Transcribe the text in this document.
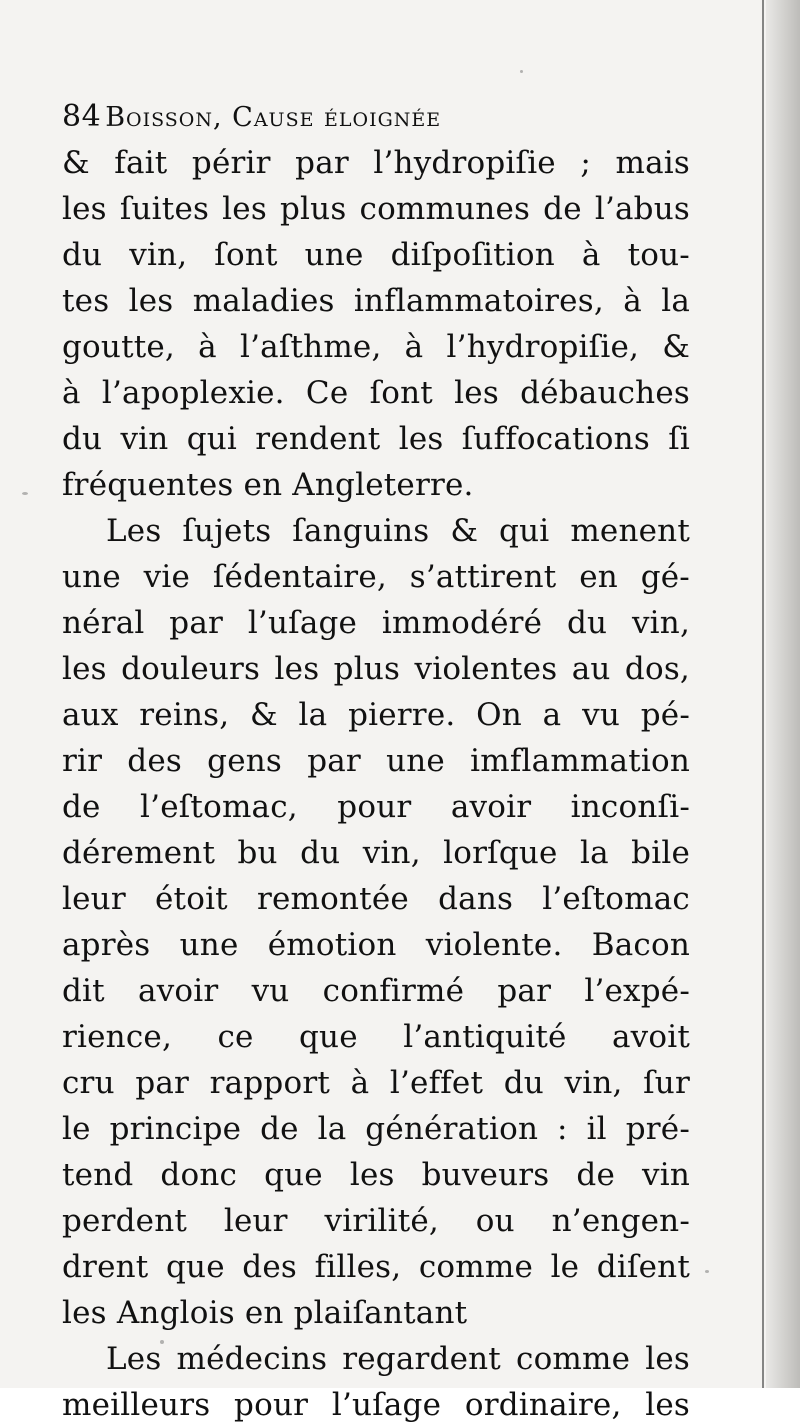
84 Boisson, Cause éloignée
& fait périr par l’hydropiſie ; mais
les ſuites les plus communes de l’abus
du vin, ſont une diſpoſition à tou-
tes les maladies inflammatoires, à la
goutte, à l’aſthme, à l’hydropiſie, &
à l’apoplexie. Ce ſont les débauches
du vin qui rendent les ſuffocations ſi
fréquentes en Angleterre.
Les ſujets ſanguins & qui menent
une vie ſédentaire, s’attirent en gé-
néral par l’uſage immodéré du vin,
les douleurs les plus violentes au dos,
aux reins, & la pierre. On a vu pé-
rir des gens par une imflammation
de l’eſtomac, pour avoir inconſi-
dérement bu du vin, lorſque la bile
leur étoit remontée dans l’eſtomac
après une émotion violente. Bacon
dit avoir vu confirmé par l’expé-
rience, ce que l’antiquité avoit
cru par rapport à l’effet du vin, ſur
le principe de la génération : il pré-
tend donc que les buveurs de vin
perdent leur virilité, ou n’engen-
drent que des filles, comme le diſent
les Anglois en plaiſantant
Les médecins regardent comme les
meilleurs pour l’uſage ordinaire, les
